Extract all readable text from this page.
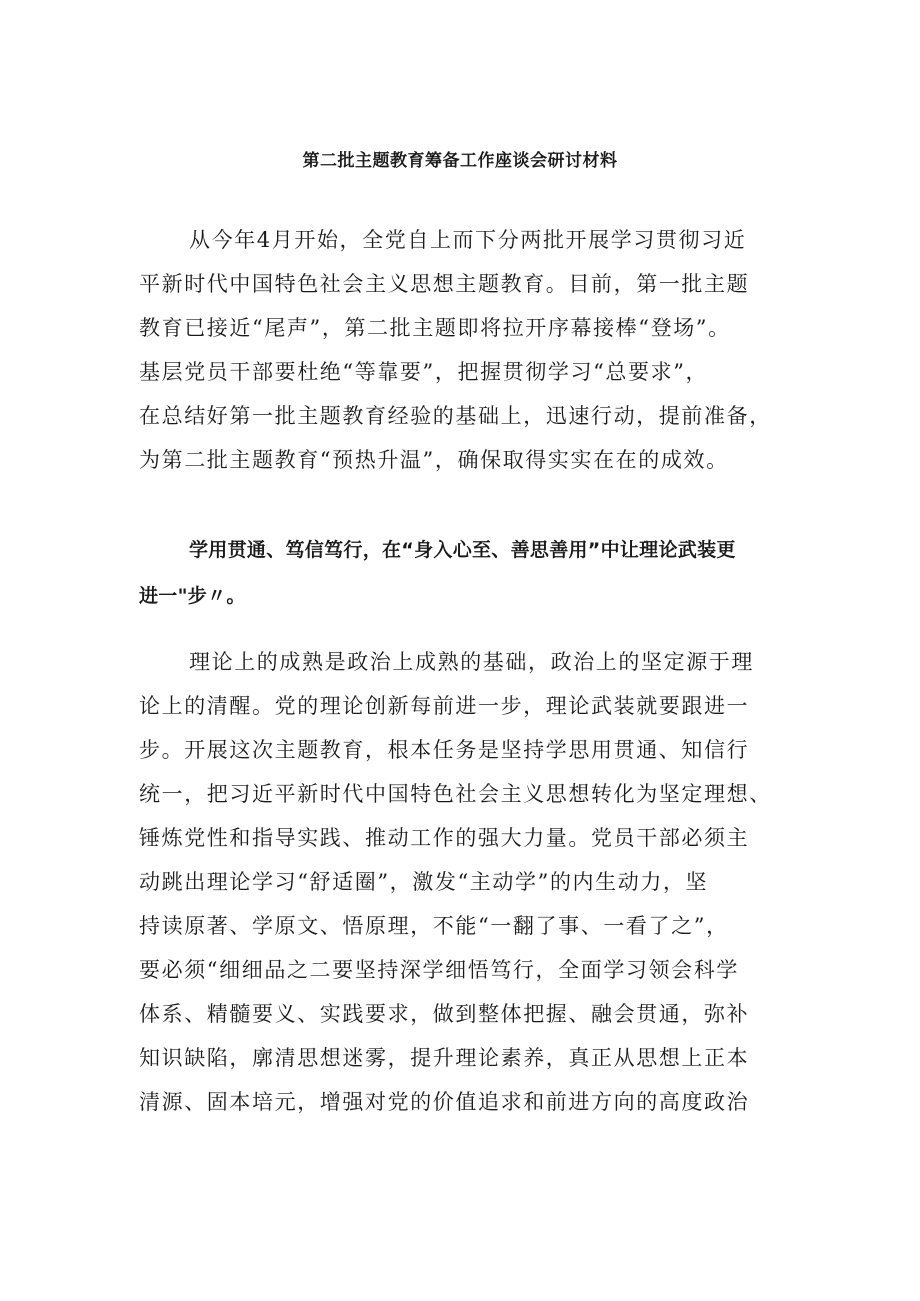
第二批主题教育筹备工作座谈会研讨材料

从今年4月开始，全党自上而下分两批开展学习贯彻习近

平新时代中国特色社会主义思想主题教育。目前，第一批主题

教育已接近“尾声”，第二批主题即将拉开序幕接棒“登场”。

基层党员干部要杜绝“等靠要”，把握贯彻学习“总要求”，

在总结好第一批主题教育经验的基础上，迅速行动，提前准备，

为第二批主题教育“预热升温”，确保取得实实在在的成效。

学用贯通、笃信笃行，在“身入心至、善思善用”中让理论武装更

进一"步〃。

理论上的成熟是政治上成熟的基础，政治上的坚定源于理

论上的清醒。党的理论创新每前进一步，理论武装就要跟进一

步。开展这次主题教育，根本任务是坚持学思用贯通、知信行

统一，把习近平新时代中国特色社会主义思想转化为坚定理想、

锤炼党性和指导实践、推动工作的强大力量。党员干部必须主

动跳出理论学习“舒适圈”，激发“主动学”的内生动力，坚

持读原著、学原文、悟原理，不能“一翻了事、一看了之”，

要必须“细细品之二要坚持深学细悟笃行，全面学习领会科学

体系、精髓要义、实践要求，做到整体把握、融会贯通，弥补

知识缺陷，廓清思想迷雾，提升理论素养，真正从思想上正本

清源、固本培元，增强对党的价值追求和前进方向的高度政治
